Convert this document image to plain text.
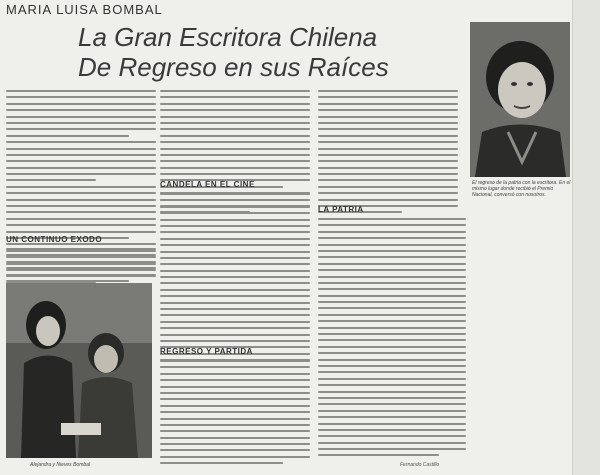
MARIA LUISA BOMBAL
La Gran Escritora Chilena
De Regreso en sus Raíces
UN CONTINUO EXODO
Alejandra y Nieves Bombal
CANDELA EN EL CINE
REGRESO Y PARTIDA
LA PATRIA
Fernando Castillo
El regreso de la patria con la escritora. En el mismo lugar donde recibió el Premio Nacional, conversó con nosotros.
